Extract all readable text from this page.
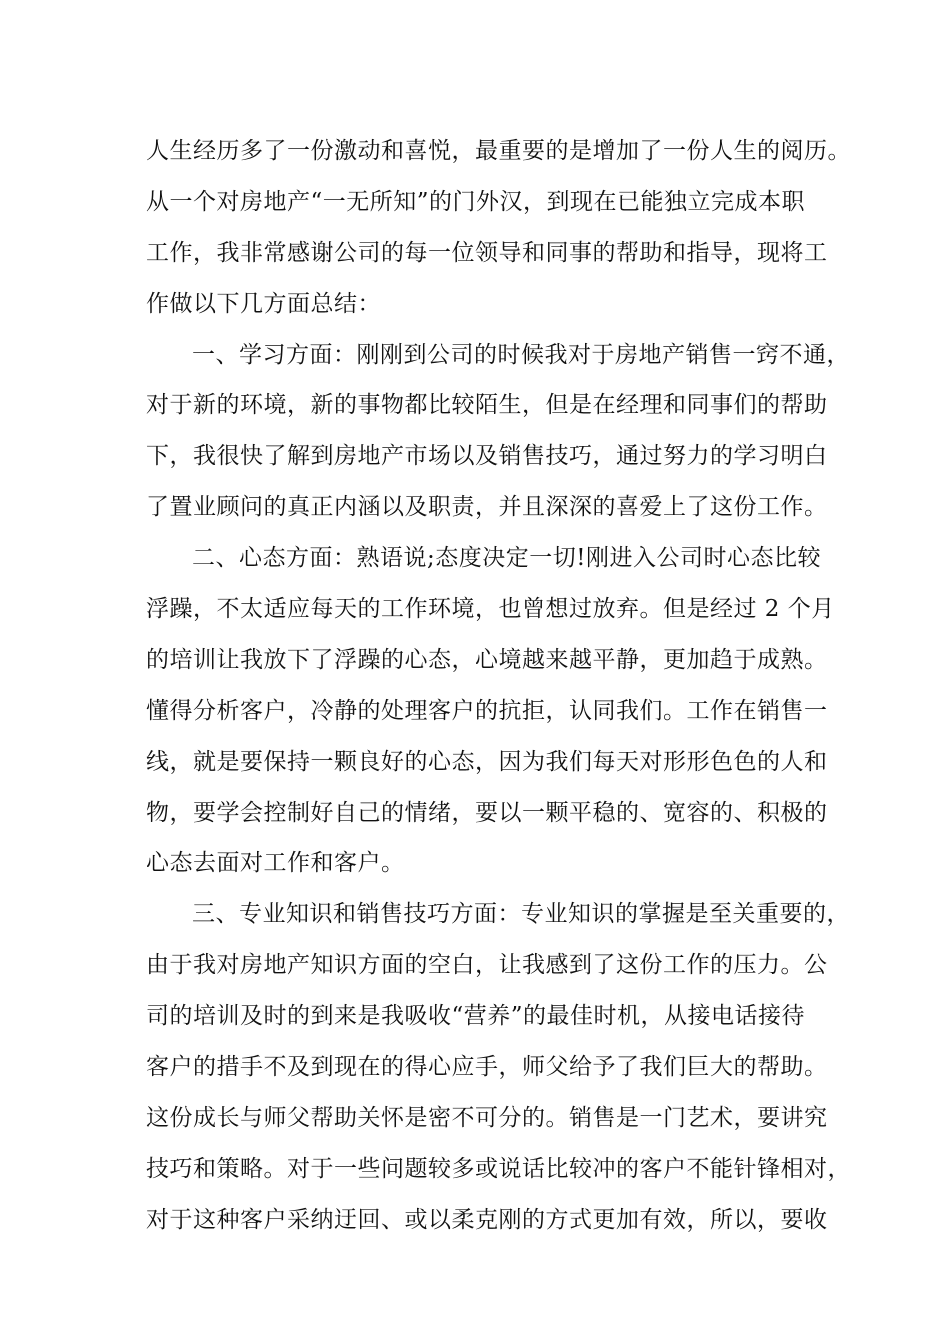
人生经历多了一份激动和喜悦，最重要的是增加了一份人生的阅历。
从一个对房地产“一无所知”的门外汉，到现在已能独立完成本职
工作，我非常感谢公司的每一位领导和同事的帮助和指导，现将工
作做以下几方面总结：
一、学习方面：刚刚到公司的时候我对于房地产销售一窍不通，
对于新的环境，新的事物都比较陌生，但是在经理和同事们的帮助
下，我很快了解到房地产市场以及销售技巧，通过努力的学习明白
了置业顾问的真正内涵以及职责，并且深深的喜爱上了这份工作。
二、心态方面：熟语说;态度决定一切!刚进入公司时心态比较
浮躁，不太适应每天的工作环境，也曾想过放弃。但是经过 2 个月
的培训让我放下了浮躁的心态，心境越来越平静，更加趋于成熟。
懂得分析客户，冷静的处理客户的抗拒，认同我们。工作在销售一
线，就是要保持一颗良好的心态，因为我们每天对形形色色的人和
物，要学会控制好自己的情绪，要以一颗平稳的、宽容的、积极的
心态去面对工作和客户。
三、专业知识和销售技巧方面：专业知识的掌握是至关重要的，
由于我对房地产知识方面的空白，让我感到了这份工作的压力。公
司的培训及时的到来是我吸收“营养”的最佳时机，从接电话接待
客户的措手不及到现在的得心应手，师父给予了我们巨大的帮助。
这份成长与师父帮助关怀是密不可分的。销售是一门艺术，要讲究
技巧和策略。对于一些问题较多或说话比较冲的客户不能针锋相对，
对于这种客户采纳迂回、或以柔克刚的方式更加有效，所以，要收
